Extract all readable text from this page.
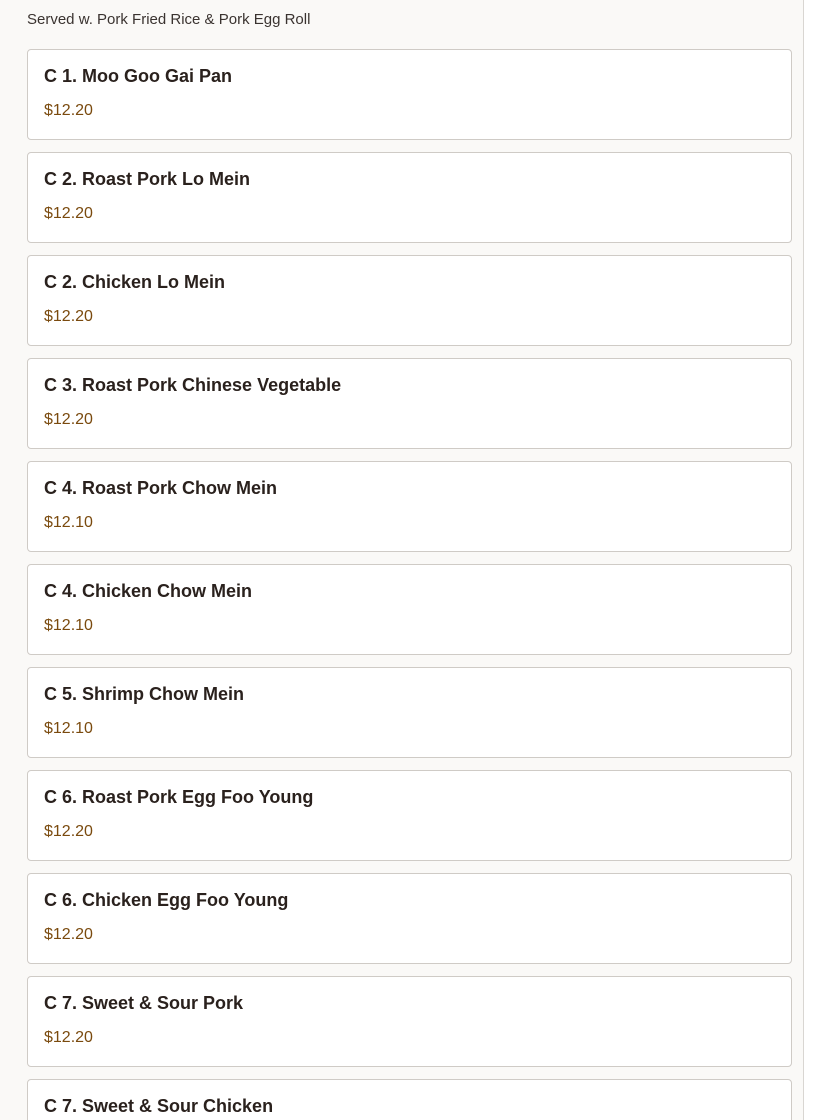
Served w. Pork Fried Rice & Pork Egg Roll
C 1. Moo Goo Gai Pan
$12.20
C 2. Roast Pork Lo Mein
$12.20
C 2. Chicken Lo Mein
$12.20
C 3. Roast Pork Chinese Vegetable
$12.20
C 4. Roast Pork Chow Mein
$12.10
C 4. Chicken Chow Mein
$12.10
C 5. Shrimp Chow Mein
$12.10
C 6. Roast Pork Egg Foo Young
$12.20
C 6. Chicken Egg Foo Young
$12.20
C 7. Sweet & Sour Pork
$12.20
C 7. Sweet & Sour Chicken
